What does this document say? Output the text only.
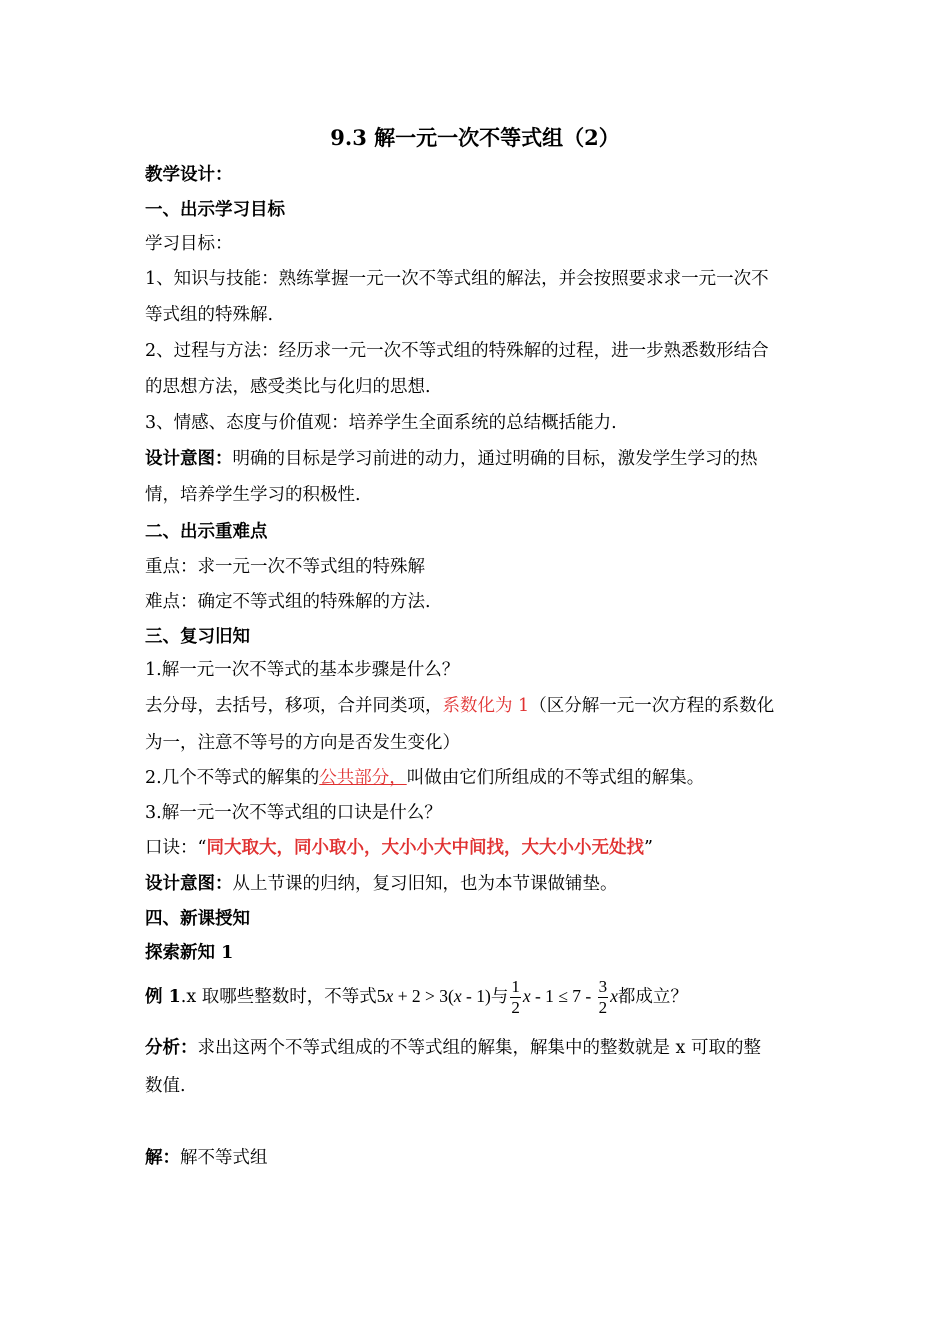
9.3 解一元一次不等式组（2）
教学设计：
一、出示学习目标
学习目标：
1、知识与技能：熟练掌握一元一次不等式组的解法，并会按照要求求一元一次不
等式组的特殊解.
2、过程与方法：经历求一元一次不等式组的特殊解的过程，进一步熟悉数形结合
的思想方法，感受类比与化归的思想.
3、情感、态度与价值观：培养学生全面系统的总结概括能力.
设计意图：明确的目标是学习前进的动力，通过明确的目标，激发学生学习的热
情，培养学生学习的积极性.
二、出示重难点
重点：求一元一次不等式组的特殊解
难点：确定不等式组的特殊解的方法.
三、复习旧知
1.解一元一次不等式的基本步骤是什么？
去分母，去括号，移项，合并同类项，系数化为 1（区分解一元一次方程的系数化
为一，注意不等号的方向是否发生变化）
2.几个不等式的解集的公共部分，叫做由它们所组成的不等式组的解集。
3.解一元一次不等式组的口诀是什么？
口诀：“同大取大，同小取小，大小小大中间找，大大小小无处找”
设计意图：从上节课的归纳，复习旧知，也为本节课做铺垫。
四、新课授知
探索新知 1
例 1.x 取哪些整数时，不等式5x + 2 > 3(x - 1)与 $\frac{1}{2}$ $x - 1 \le 7 - \frac{3}{2}$ x都成立？
分析：求出这两个不等式组成的不等式组的解集，解集中的整数就是 x 可取的整
数值.
解：解不等式组
